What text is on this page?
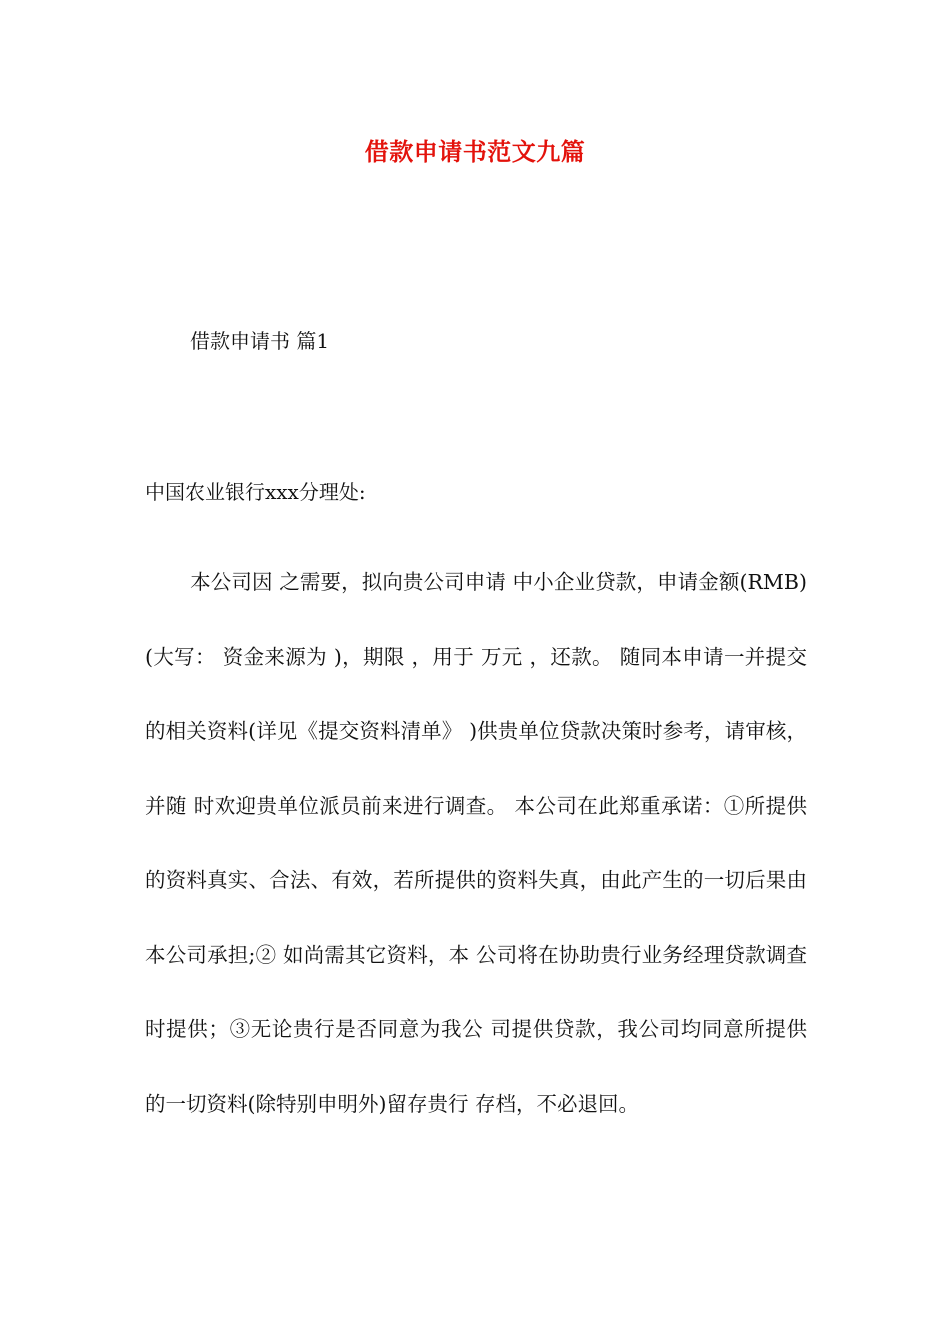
借款申请书范文九篇
借款申请书 篇1
中国农业银行xxx分理处:
本公司因 之需要，拟向贵公司申请 中小企业贷款，申请金额(RMB)(大写： 资金来源为 )，期限 ，用于 万元 ，还款。 随同本申请一并提交的相关资料(详见《提交资料清单》 )供贵单位贷款决策时参考，请审核，并随 时欢迎贵单位派员前来进行调查。 本公司在此郑重承诺：①所提供的资料真实、合法、有效，若所提供的资料失真，由此产生的一切后果由本公司承担;② 如尚需其它资料，本 公司将在协助贵行业务经理贷款调查时提供；③无论贵行是否同意为我公 司提供贷款，我公司均同意所提供的一切资料(除特别申明外)留存贵行 存档，不必退回。
